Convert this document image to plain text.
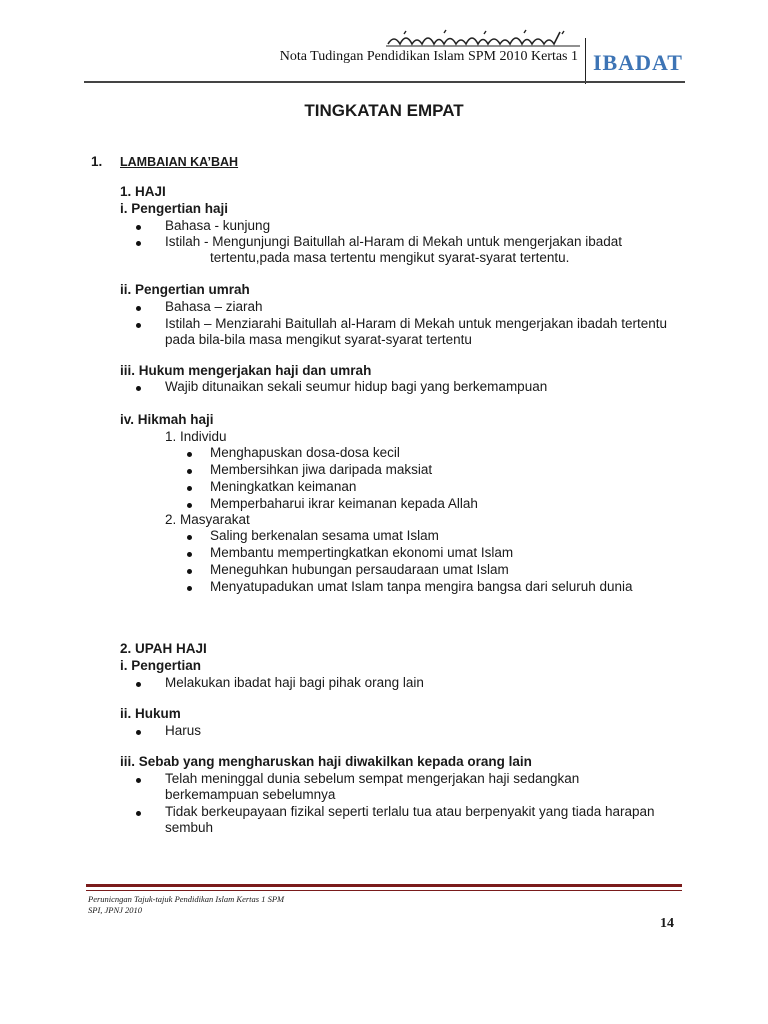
Nota Tudingan Pendidikan Islam SPM 2010 Kertas 1 IBADAT
TINGKATAN EMPAT
1. LAMBAIAN KA’BAH
1. HAJI
i. Pengertian haji
Bahasa - kunjung
Istilah - Mengunjungi Baitullah al-Haram di Mekah untuk mengerjakan ibadat
tertentu,pada masa tertentu mengikut syarat-syarat tertentu.
ii. Pengertian umrah
Bahasa – ziarah
Istilah – Menziarahi Baitullah al-Haram di Mekah untuk mengerjakan ibadah tertentu
pada bila-bila masa mengikut syarat-syarat tertentu
iii. Hukum mengerjakan haji dan umrah
Wajib ditunaikan sekali seumur hidup bagi yang berkemampuan
iv. Hikmah haji
1. Individu
Menghapuskan dosa-dosa kecil
Membersihkan jiwa daripada maksiat
Meningkatkan keimanan
Memperbaharui ikrar keimanan kepada Allah
2. Masyarakat
Saling berkenalan sesama umat Islam
Membantu mempertingkatkan ekonomi umat Islam
Meneguhkan hubungan persaudaraan umat Islam
Menyatupadukan umat Islam tanpa mengira bangsa dari seluruh dunia
2. UPAH HAJI
i. Pengertian
Melakukan ibadat haji bagi pihak orang lain
ii. Hukum
Harus
iii. Sebab yang mengharuskan haji diwakilkan kepada orang lain
Telah meninggal dunia sebelum sempat mengerjakan haji sedangkan
berkemampuan sebelumnya
Tidak berkeupayaan fizikal seperti terlalu tua atau berpenyakit yang tiada harapan
sembuh
Perunicngan Tajuk-tajuk Pendidikan Islam Kertas 1 SPM
SPI, JPNJ 2010
14
